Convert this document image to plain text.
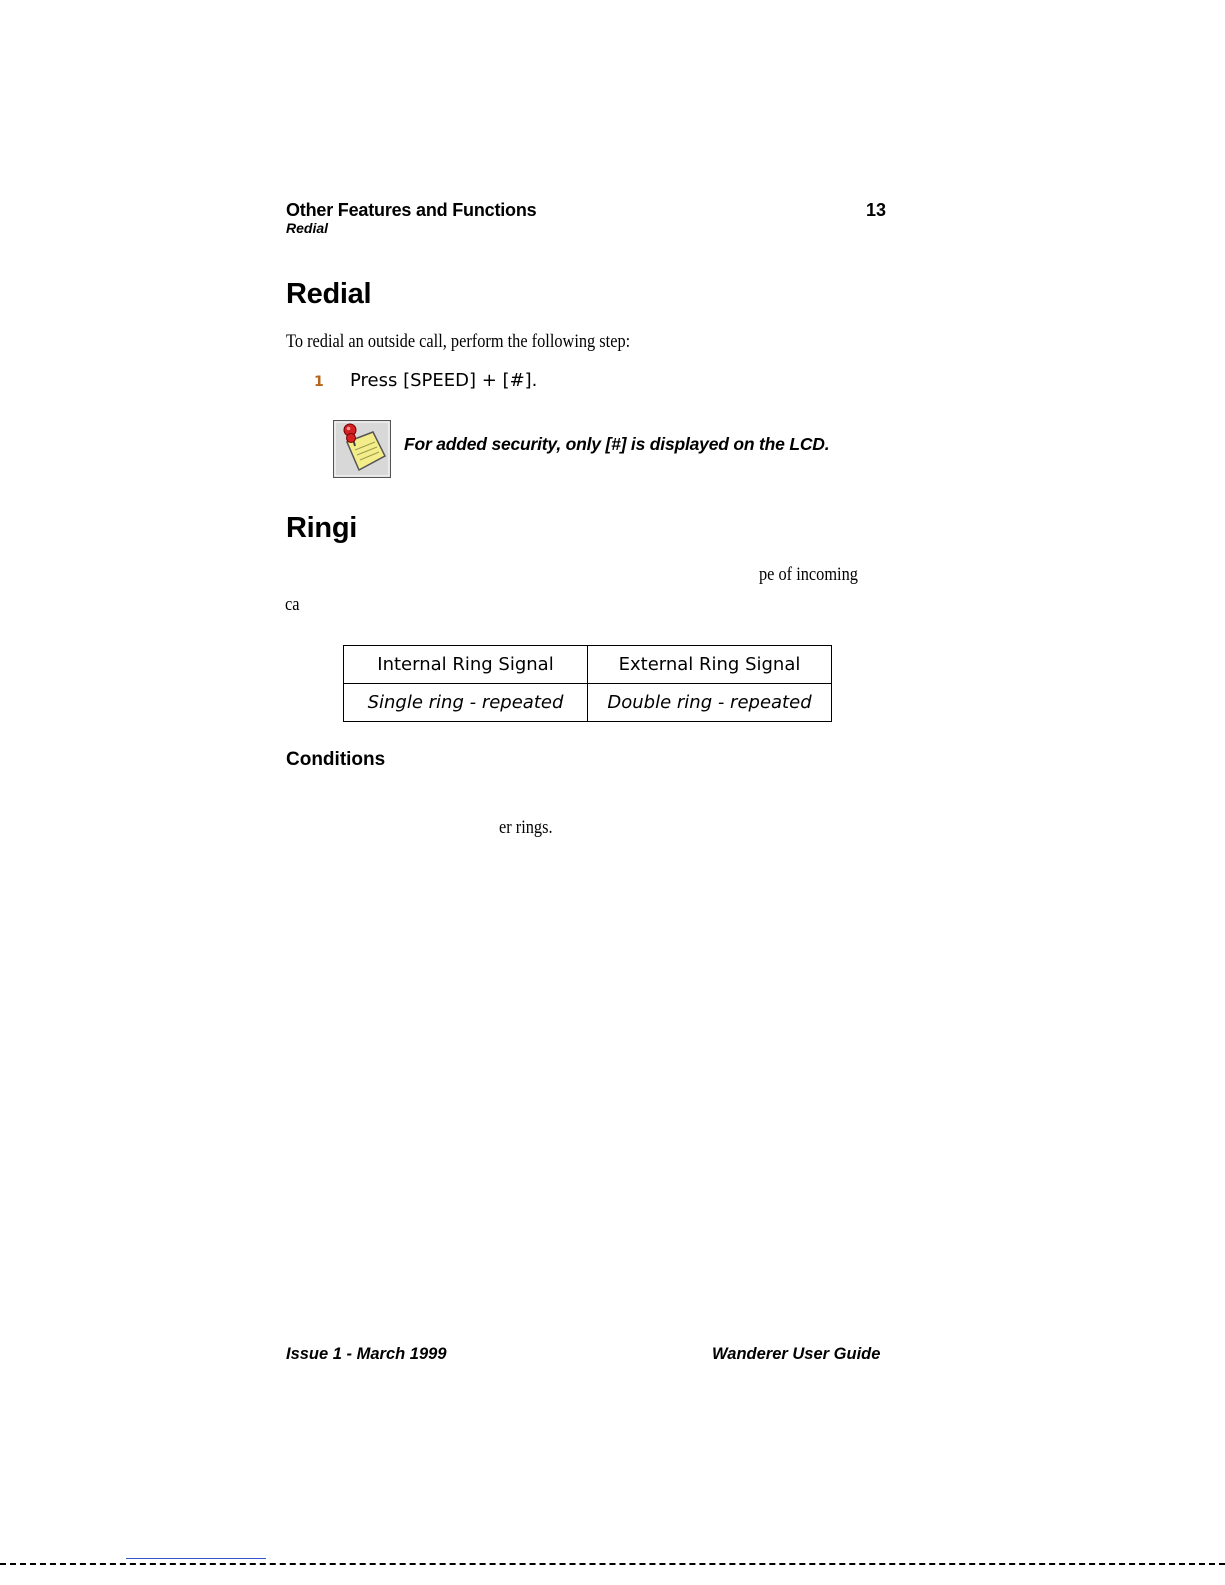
Other Features and Functions	13
Redial
Redial
To redial an outside call, perform the following step:
1 Press [SPEED] + [#].
For added security, only [#] is displayed on the LCD.
Ringi
pe of incoming
ca
Internal Ring Signal	External Ring Signal
Single ring - repeated	Double ring - repeated
Conditions
er rings.
Issue 1 - March 1999	Wanderer User Guide
